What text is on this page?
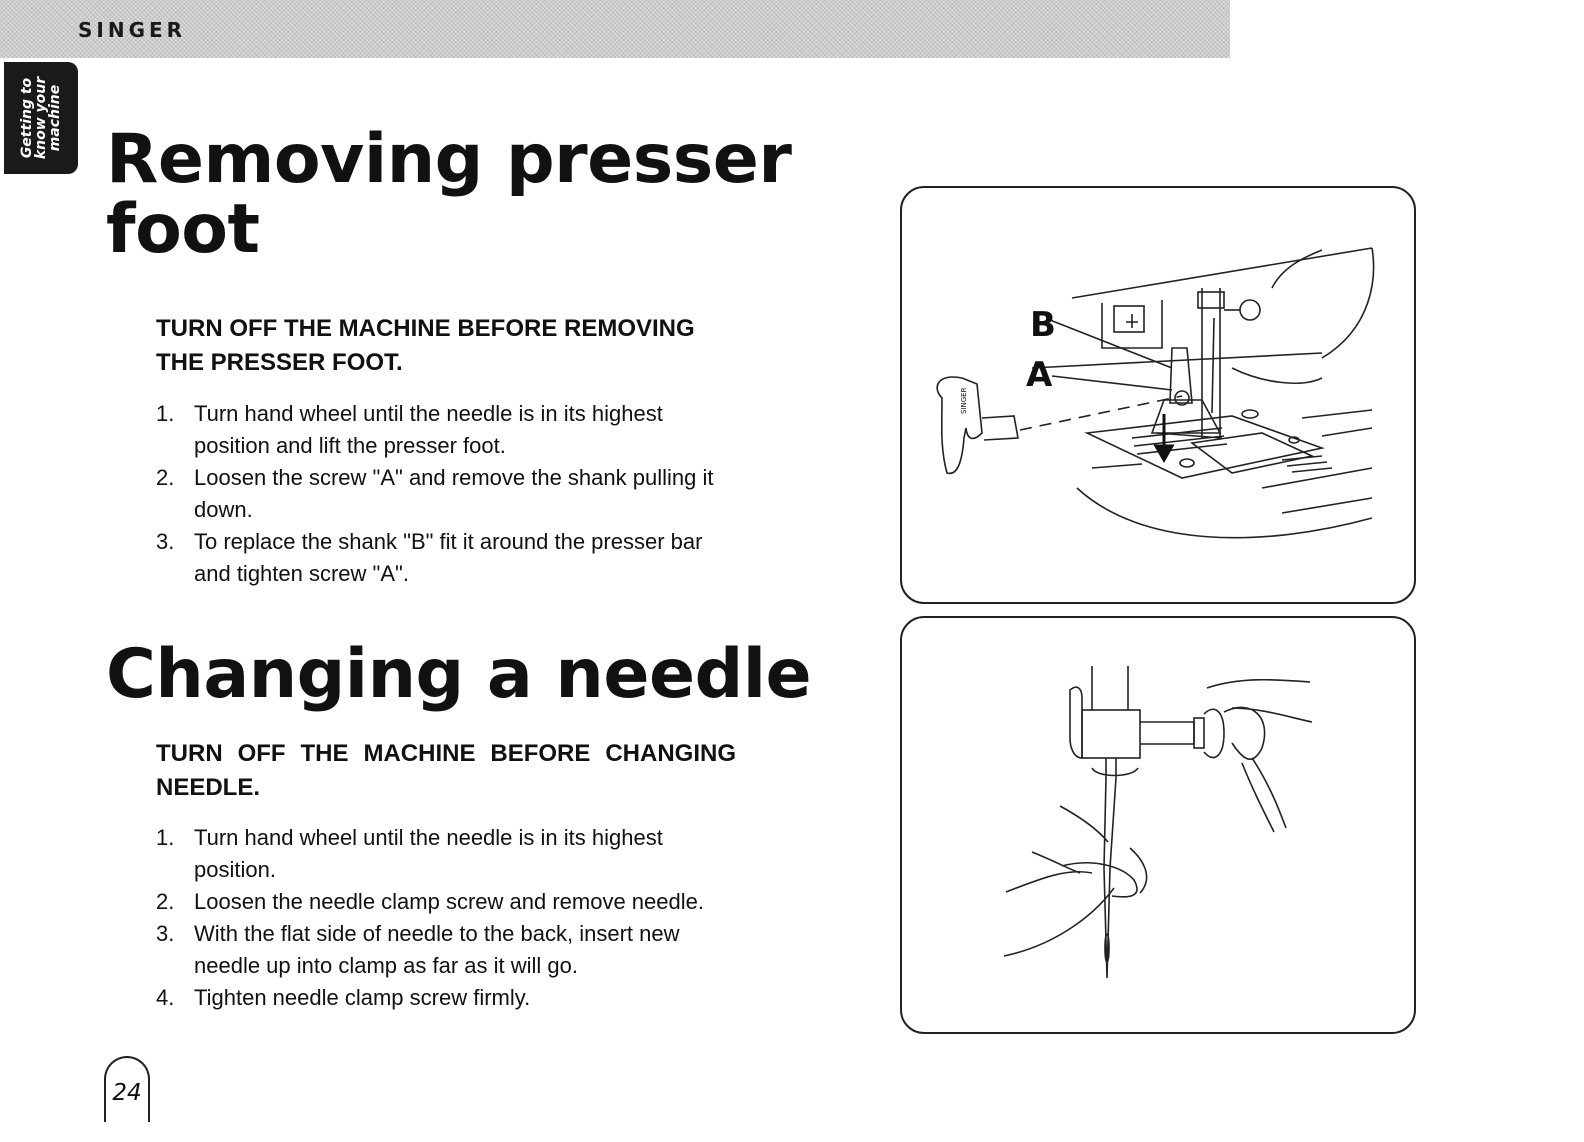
SINGER
Getting to
know your
machine
Removing presser foot

TURN OFF THE MACHINE BEFORE REMOVING THE PRESSER FOOT.

1. Turn hand wheel until the needle is in its highest position and lift the presser foot.
2. Loosen the screw "A" and remove the shank pulling it down.
3. To replace the shank "B" fit it around the presser bar and tighten screw "A".
Changing a needle

TURN OFF THE MACHINE BEFORE CHANGING NEEDLE.

1. Turn hand wheel until the needle is in its highest position.
2. Loosen the needle clamp screw and remove needle.
3. With the flat side of needle to the back, insert new needle up into clamp as far as it will go.
4. Tighten needle clamp screw firmly.
B
A
SINGER
24
